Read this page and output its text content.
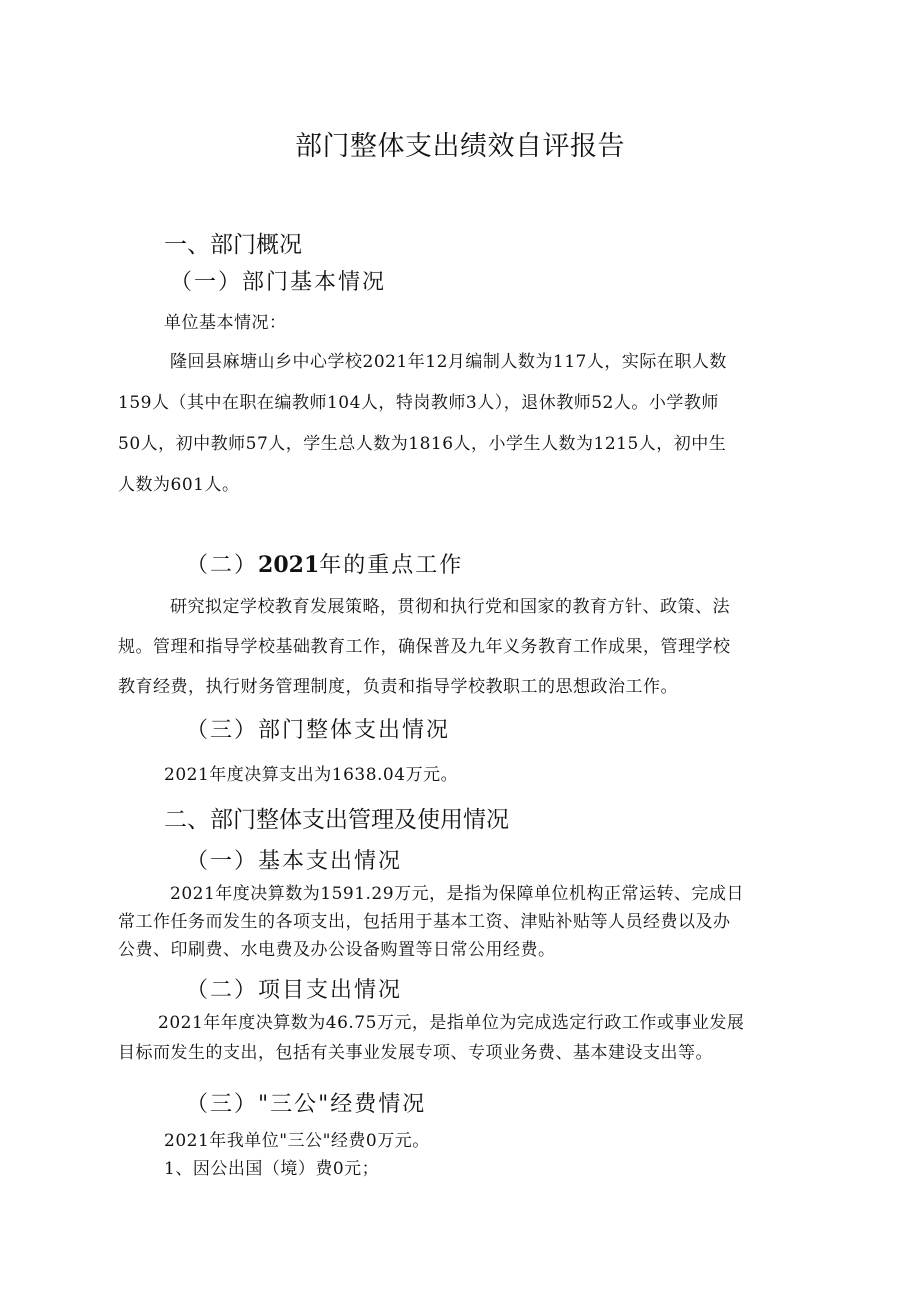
部门整体支出绩效自评报告
一、部门概况
（一）部门基本情况
单位基本情况：
隆回县麻塘山乡中心学校2021年12月编制人数为117人，实际在职人数
159人（其中在职在编教师104人，特岗教师3人），退休教师52人。小学教师
50人，初中教师57人，学生总人数为1816人，小学生人数为1215人，初中生
人数为601人。
（二）2021年的重点工作
研究拟定学校教育发展策略，贯彻和执行党和国家的教育方针、政策、法
规。管理和指导学校基础教育工作，确保普及九年义务教育工作成果，管理学校
教育经费，执行财务管理制度，负责和指导学校教职工的思想政治工作。
（三）部门整体支出情况
2021年度决算支出为1638.04万元。
二、部门整体支出管理及使用情况
（一）基本支出情况
2021年度决算数为1591.29万元，是指为保障单位机构正常运转、完成日
常工作任务而发生的各项支出，包括用于基本工资、津贴补贴等人员经费以及办
公费、印刷费、水电费及办公设备购置等日常公用经费。
（二）项目支出情况
2021年年度决算数为46.75万元，是指单位为完成选定行政工作或事业发展
目标而发生的支出，包括有关事业发展专项、专项业务费、基本建设支出等。
（三）"三公"经费情况
2021年我单位"三公"经费0万元。
1、因公出国（境）费0元；
